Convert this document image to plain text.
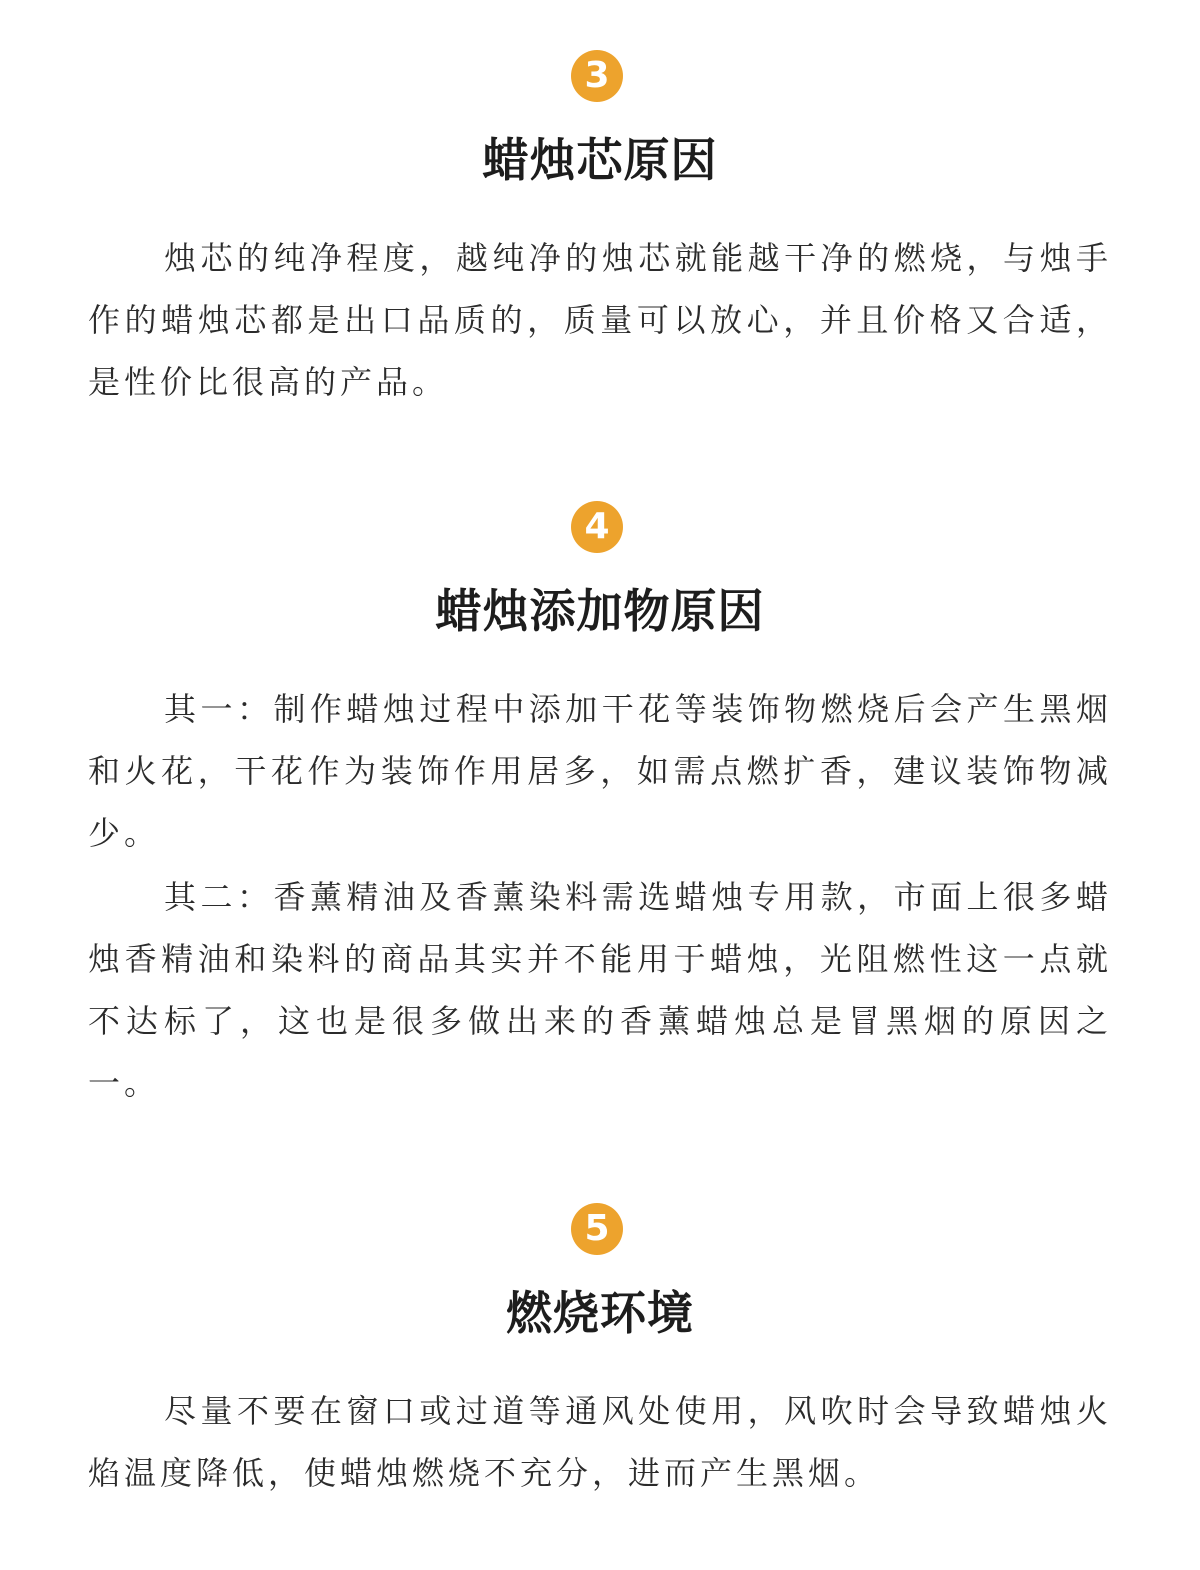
3
蜡烛芯原因

烛芯的纯净程度，越纯净的烛芯就能越干净的燃烧，与烛手作的蜡烛芯都是出口品质的，质量可以放心，并且价格又合适，是性价比很高的产品。

4
蜡烛添加物原因

其一：制作蜡烛过程中添加干花等装饰物燃烧后会产生黑烟和火花，干花作为装饰作用居多，如需点燃扩香，建议装饰物减少。

其二：香薰精油及香薰染料需选蜡烛专用款，市面上很多蜡烛香精油和染料的商品其实并不能用于蜡烛，光阻燃性这一点就不达标了，这也是很多做出来的香薰蜡烛总是冒黑烟的原因之一。

5
燃烧环境

尽量不要在窗口或过道等通风处使用，风吹时会导致蜡烛火焰温度降低，使蜡烛燃烧不充分，进而产生黑烟。
